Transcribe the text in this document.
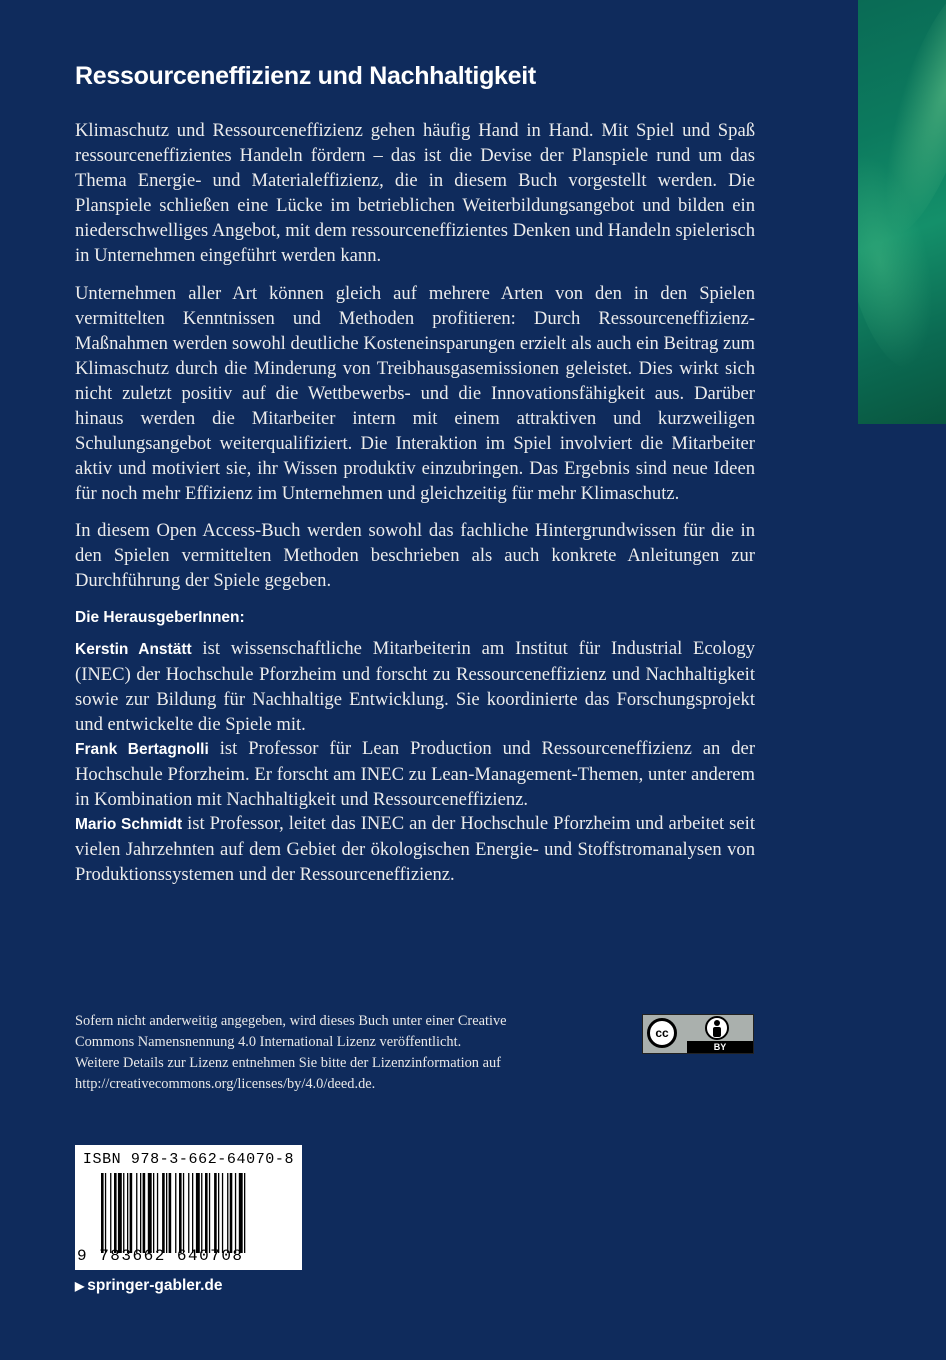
Ressourceneffizienz und Nachhaltigkeit

Klimaschutz und Ressourceneffizienz gehen häufig Hand in Hand. Mit Spiel und Spaß ressourceneffizientes Handeln fördern – das ist die Devise der Planspiele rund um das Thema Energie- und Materialeffizienz, die in diesem Buch vorgestellt werden. Die Planspiele schließen eine Lücke im betrieblichen Weiterbildungsangebot und bilden ein niederschwelliges Angebot, mit dem ressourceneffizientes Denken und Handeln spielerisch in Unternehmen eingeführt werden kann.

Unternehmen aller Art können gleich auf mehrere Arten von den in den Spielen vermittelten Kenntnissen und Methoden profitieren: Durch Ressourceneffizienz-Maßnahmen werden sowohl deutliche Kosteneinsparungen erzielt als auch ein Beitrag zum Klimaschutz durch die Minderung von Treibhausgasemissionen geleistet. Dies wirkt sich nicht zuletzt positiv auf die Wettbewerbs- und die Innovationsfähigkeit aus. Darüber hinaus werden die Mitarbeiter intern mit einem attraktiven und kurzweiligen Schulungsangebot weiterqualifiziert. Die Interaktion im Spiel involviert die Mitarbeiter aktiv und motiviert sie, ihr Wissen produktiv einzubringen. Das Ergebnis sind neue Ideen für noch mehr Effizienz im Unternehmen und gleichzeitig für mehr Klimaschutz.

In diesem Open Access-Buch werden sowohl das fachliche Hintergrundwissen für die in den Spielen vermittelten Methoden beschrieben als auch konkrete Anleitungen zur Durchführung der Spiele gegeben.

Die HerausgeberInnen:

Kerstin Anstätt ist wissenschaftliche Mitarbeiterin am Institut für Industrial Ecology (INEC) der Hochschule Pforzheim und forscht zu Ressourceneffizienz und Nachhaltigkeit sowie zur Bildung für Nachhaltige Entwicklung. Sie koordinierte das Forschungsprojekt und entwickelte die Spiele mit.

Frank Bertagnolli ist Professor für Lean Production und Ressourceneffizienz an der Hochschule Pforzheim. Er forscht am INEC zu Lean-Management-Themen, unter anderem in Kombination mit Nachhaltigkeit und Ressourceneffizienz.

Mario Schmidt ist Professor, leitet das INEC an der Hochschule Pforzheim und arbeitet seit vielen Jahrzehnten auf dem Gebiet der ökologischen Energie- und Stoffstromanalysen von Produktionssystemen und der Ressourceneffizienz.

Sofern nicht anderweitig angegeben, wird dieses Buch unter einer Creative
Commons Namensnennung 4.0 International Lizenz veröffentlicht.
Weitere Details zur Lizenz entnehmen Sie bitte der Lizenzinformation auf
http://creativecommons.org/licenses/by/4.0/deed.de.
cc
BY
ISBN 978-3-662-64070-8
9 783662 640708
▶ springer-gabler.de
